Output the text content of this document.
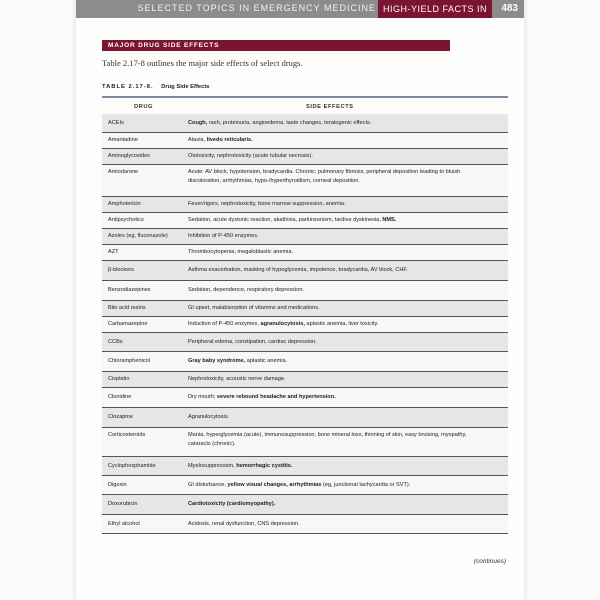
SELECTED TOPICS IN EMERGENCY MEDICINE HIGH-YIELD FACTS IN	483
MAJOR DRUG SIDE EFFECTS
Table 2.17-8 outlines the major side effects of select drugs.
TABLE 2.17-8. Drug Side Effects
DRUG	SIDE EFFECTS
ACEIs	Cough, rash, proteinuria, angioedema, taste changes, teratogenic effects.
Amantadine	Ataxia, livedo reticularis.
Aminoglycosides	Ototoxicity, nephrotoxicity (acute tubular necrosis).
Amiodarone	Acute: AV block, hypotension, bradycardia. Chronic: pulmonary fibrosis, peripheral deposition leading to bluish discoloration, arrhythmias, hypo-/hyperthyroidism, corneal deposition.
Amphotericin	Fever/rigors, nephrotoxicity, bone marrow suppression, anemia.
Antipsychotics	Sedation, acute dystonic reaction, akathisia, parkinsonism, tardive dyskinesia, NMS.
Azoles (eg, fluconazole)	Inhibition of P-450 enzymes.
AZT	Thrombocytopenia, megaloblastic anemia.
β-blockers	Asthma exacerbation, masking of hypoglycemia, impotence, bradycardia, AV block, CHF.
Benzodiazepines	Sedation, dependence, respiratory depression.
Bile acid resins	GI upset, malabsorption of vitamins and medications.
Carbamazepine	Induction of P-450 enzymes, agranulocytosis, aplastic anemia, liver toxicity.
CCBs	Peripheral edema, constipation, cardiac depression.
Chloramphenicol	Gray baby syndrome, aplastic anemia.
Cisplatin	Nephrotoxicity, acoustic nerve damage.
Clonidine	Dry mouth; severe rebound headache and hypertension.
Clozapine	Agranulocytosis.
Corticosteroids	Mania, hyperglycemia (acute), immunosuppression, bone mineral loss, thinning of skin, easy bruising, myopathy, cataracts (chronic).
Cyclophosphamide	Myelosuppression, hemorrhagic cystitis.
Digoxin	GI disturbance, yellow visual changes, arrhythmias (eg, junctional tachycardia or SVT).
Doxorubicin	Cardiotoxicity (cardiomyopathy).
Ethyl alcohol	Acidosis, renal dysfunction, CNS depression.
(continues)
